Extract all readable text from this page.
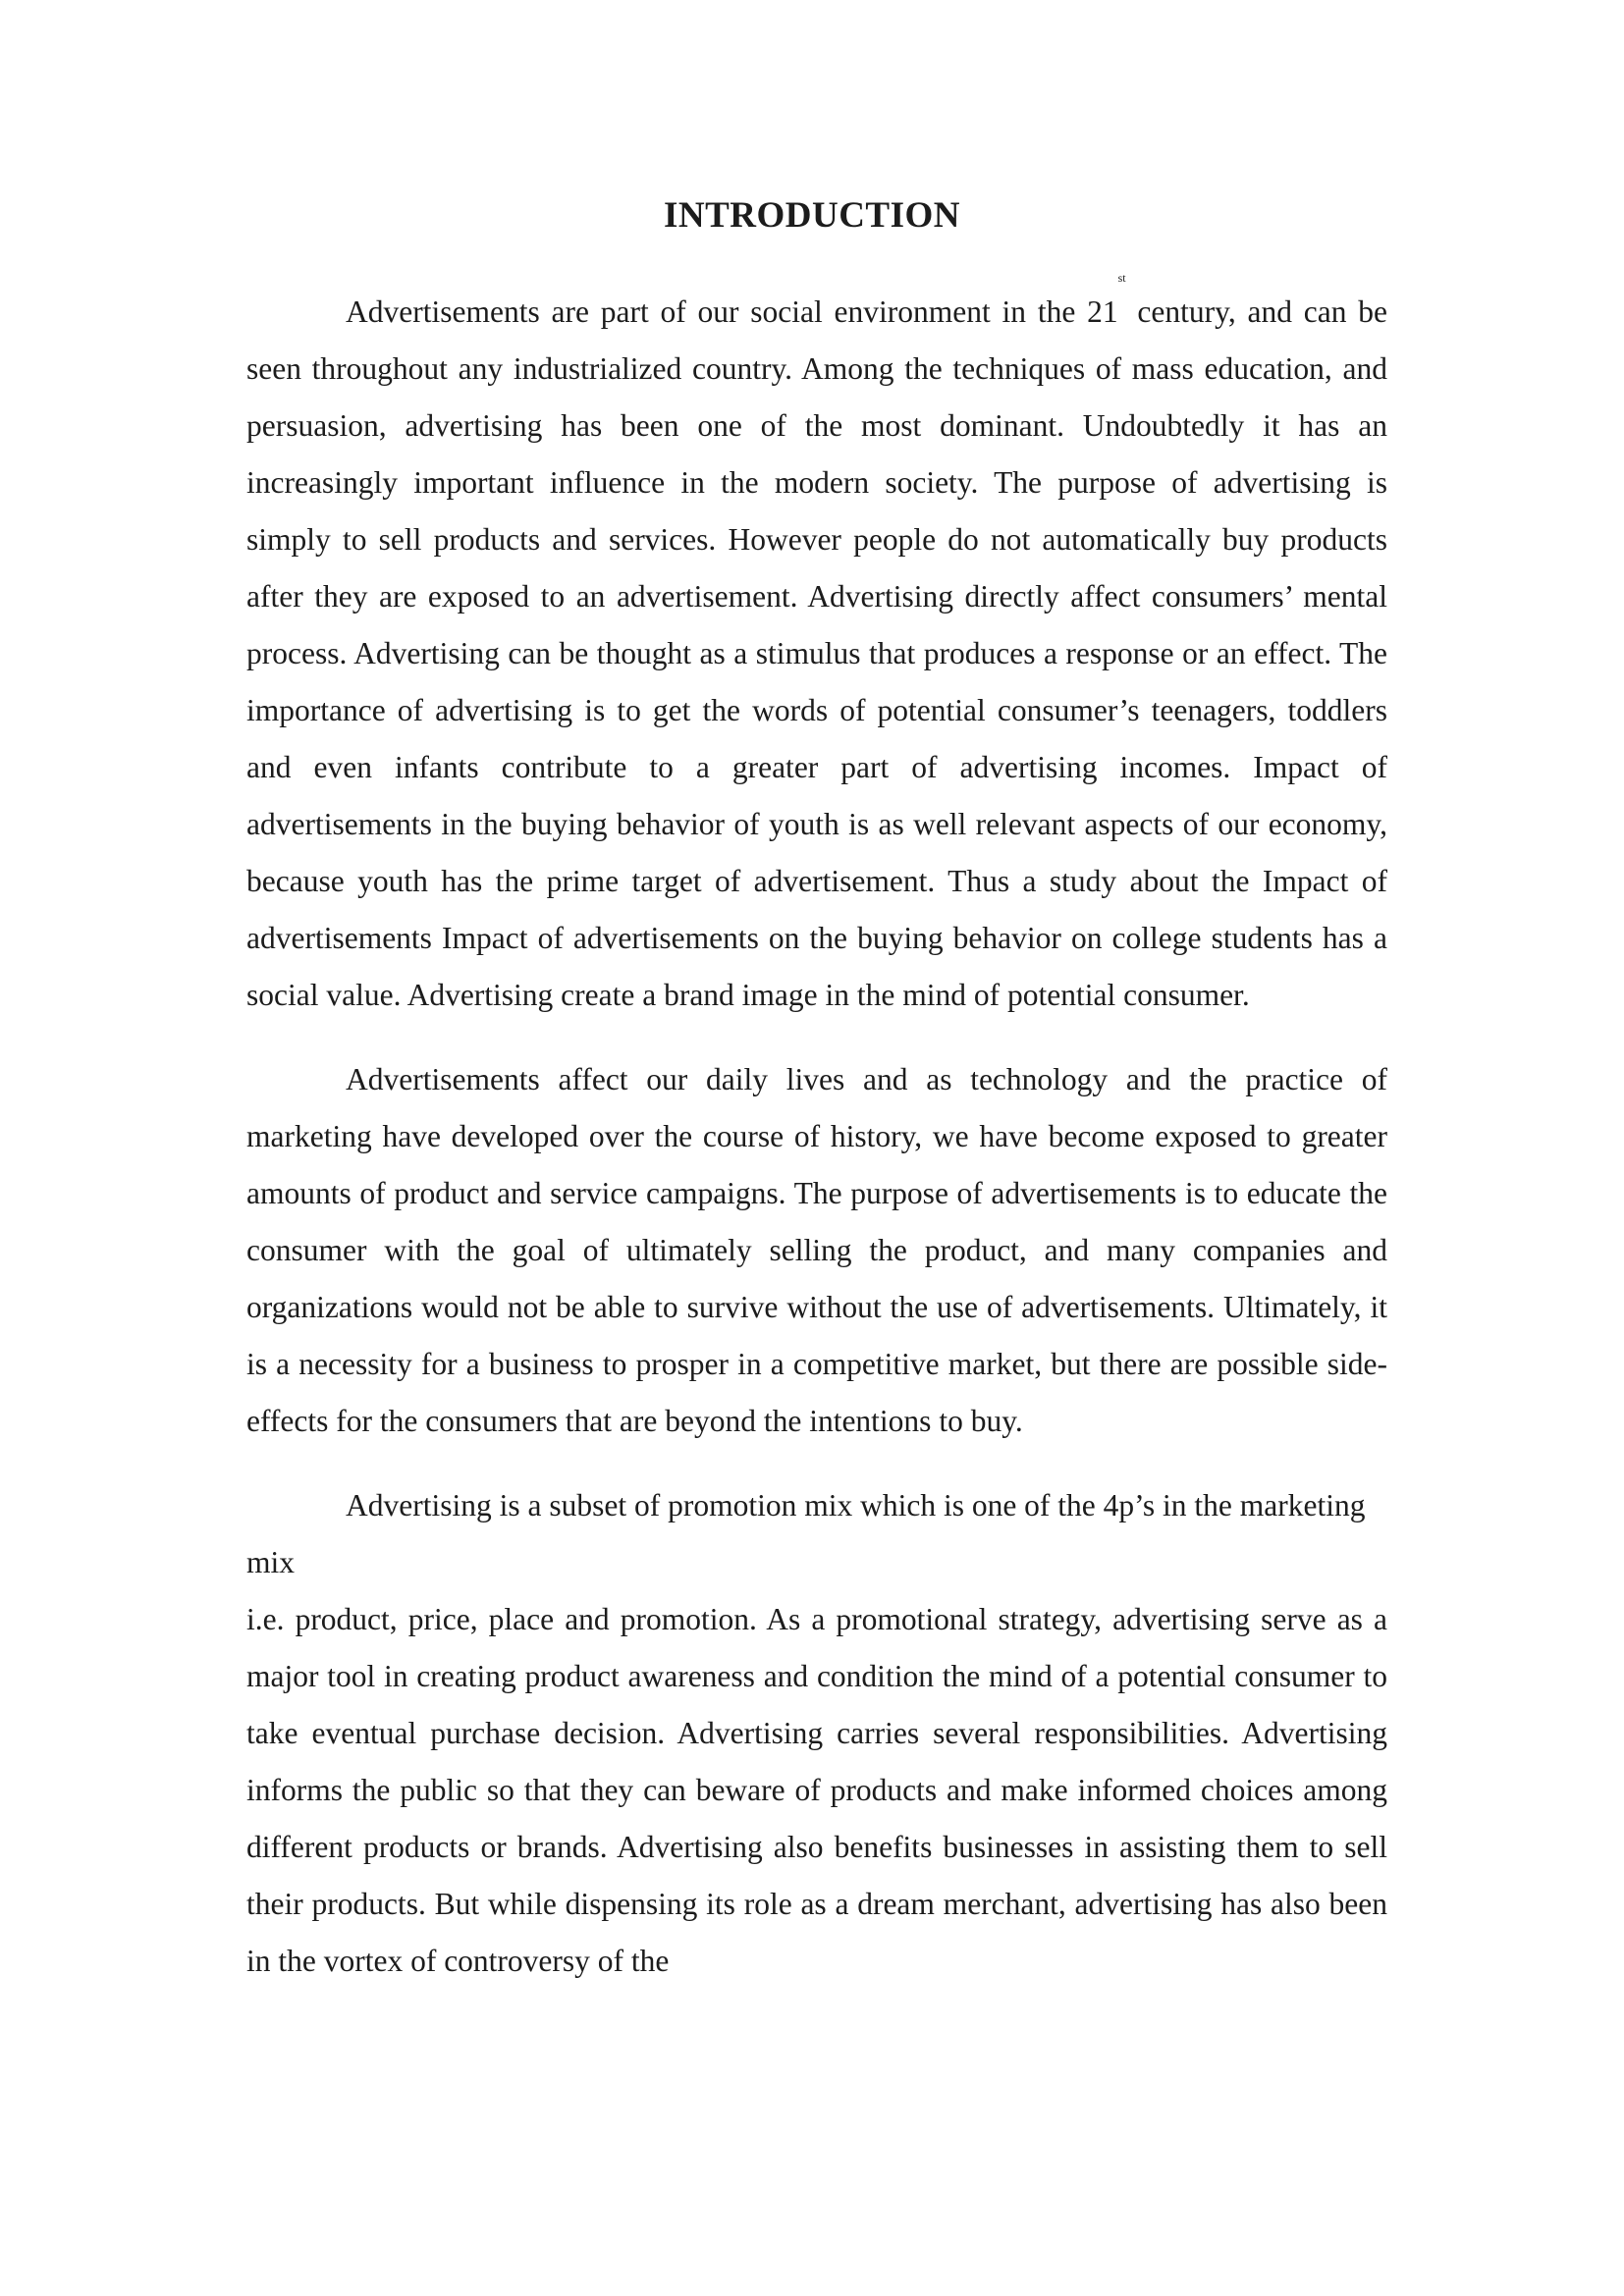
INTRODUCTION

Advertisements are part of our social environment in the 21st century, and can be seen throughout any industrialized country. Among the techniques of mass education, and persuasion, advertising has been one of the most dominant. Undoubtedly it has an increasingly important influence in the modern society. The purpose of advertising is simply to sell products and services. However people do not automatically buy products after they are exposed to an advertisement. Advertising directly affect consumers’ mental process. Advertising can be thought as a stimulus that produces a response or an effect. The importance of advertising is to get the words of potential consumer’s teenagers, toddlers and even infants contribute to a greater part of advertising incomes. Impact of advertisements in the buying behavior of youth is as well relevant aspects of our economy, because youth has the prime target of advertisement. Thus a study about the Impact of advertisements Impact of advertisements on the buying behavior on college students has a social value. Advertising create a brand image in the mind of potential consumer.

Advertisements affect our daily lives and as technology and the practice of marketing have developed over the course of history, we have become exposed to greater amounts of product and service campaigns. The purpose of advertisements is to educate the consumer with the goal of ultimately selling the product, and many companies and organizations would not be able to survive without the use of advertisements. Ultimately, it is a necessity for a business to prosper in a competitive market, but there are possible side-effects for the consumers that are beyond the intentions to buy.

Advertising is a subset of promotion mix which is one of the 4p’s in the marketing mix

i.e. product, price, place and promotion. As a promotional strategy, advertising serve as a major tool in creating product awareness and condition the mind of a potential consumer to take eventual purchase decision. Advertising carries several responsibilities. Advertising informs the public so that they can beware of products and make informed choices among different products or brands. Advertising also benefits businesses in assisting them to sell their products. But while dispensing its role as a dream merchant, advertising has also been in the vortex of controversy of the
